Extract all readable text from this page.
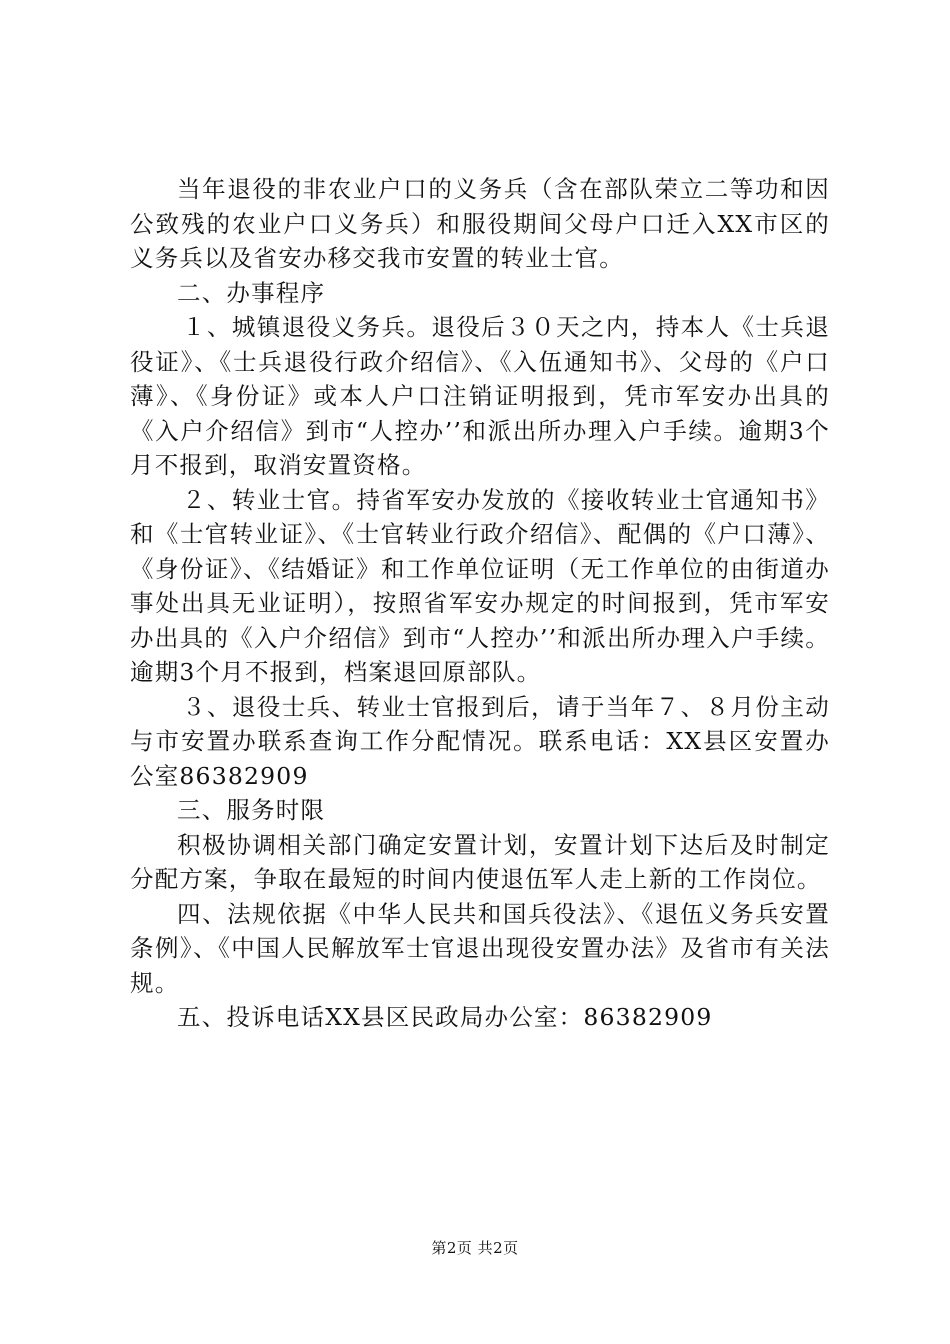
当年退役的非农业户口的义务兵（含在部队荣立二等功和因公致残的农业户口义务兵）和服役期间父母户口迁入XX市区的义务兵以及省安办移交我市安置的转业士官。

二、办事程序

１、城镇退役义务兵。退役后３０天之内，持本人《士兵退役证》、《士兵退役行政介绍信》、《入伍通知书》、父母的《户口薄》、《身份证》或本人户口注销证明报到，凭市军安办出具的《入户介绍信》到市“人控办’’和派出所办理入户手续。逾期3个月不报到，取消安置资格。

２、转业士官。持省军安办发放的《接收转业士官通知书》和《士官转业证》、《士官转业行政介绍信》、配偶的《户口薄》、《身份证》、《结婚证》和工作单位证明（无工作单位的由街道办事处出具无业证明），按照省军安办规定的时间报到，凭市军安办出具的《入户介绍信》到市“人控办’’和派出所办理入户手续。逾期3个月不报到，档案退回原部队。

３、退役士兵、转业士官报到后，请于当年７、８月份主动与市安置办联系查询工作分配情况。联系电话：XX县区安置办公室86382909

三、服务时限

积极协调相关部门确定安置计划，安置计划下达后及时制定分配方案，争取在最短的时间内使退伍军人走上新的工作岗位。

四、法规依据《中华人民共和国兵役法》、《退伍义务兵安置条例》、《中国人民解放军士官退出现役安置办法》及省市有关法规。

五、投诉电话XX县区民政局办公室：86382909

第2页 共2页
